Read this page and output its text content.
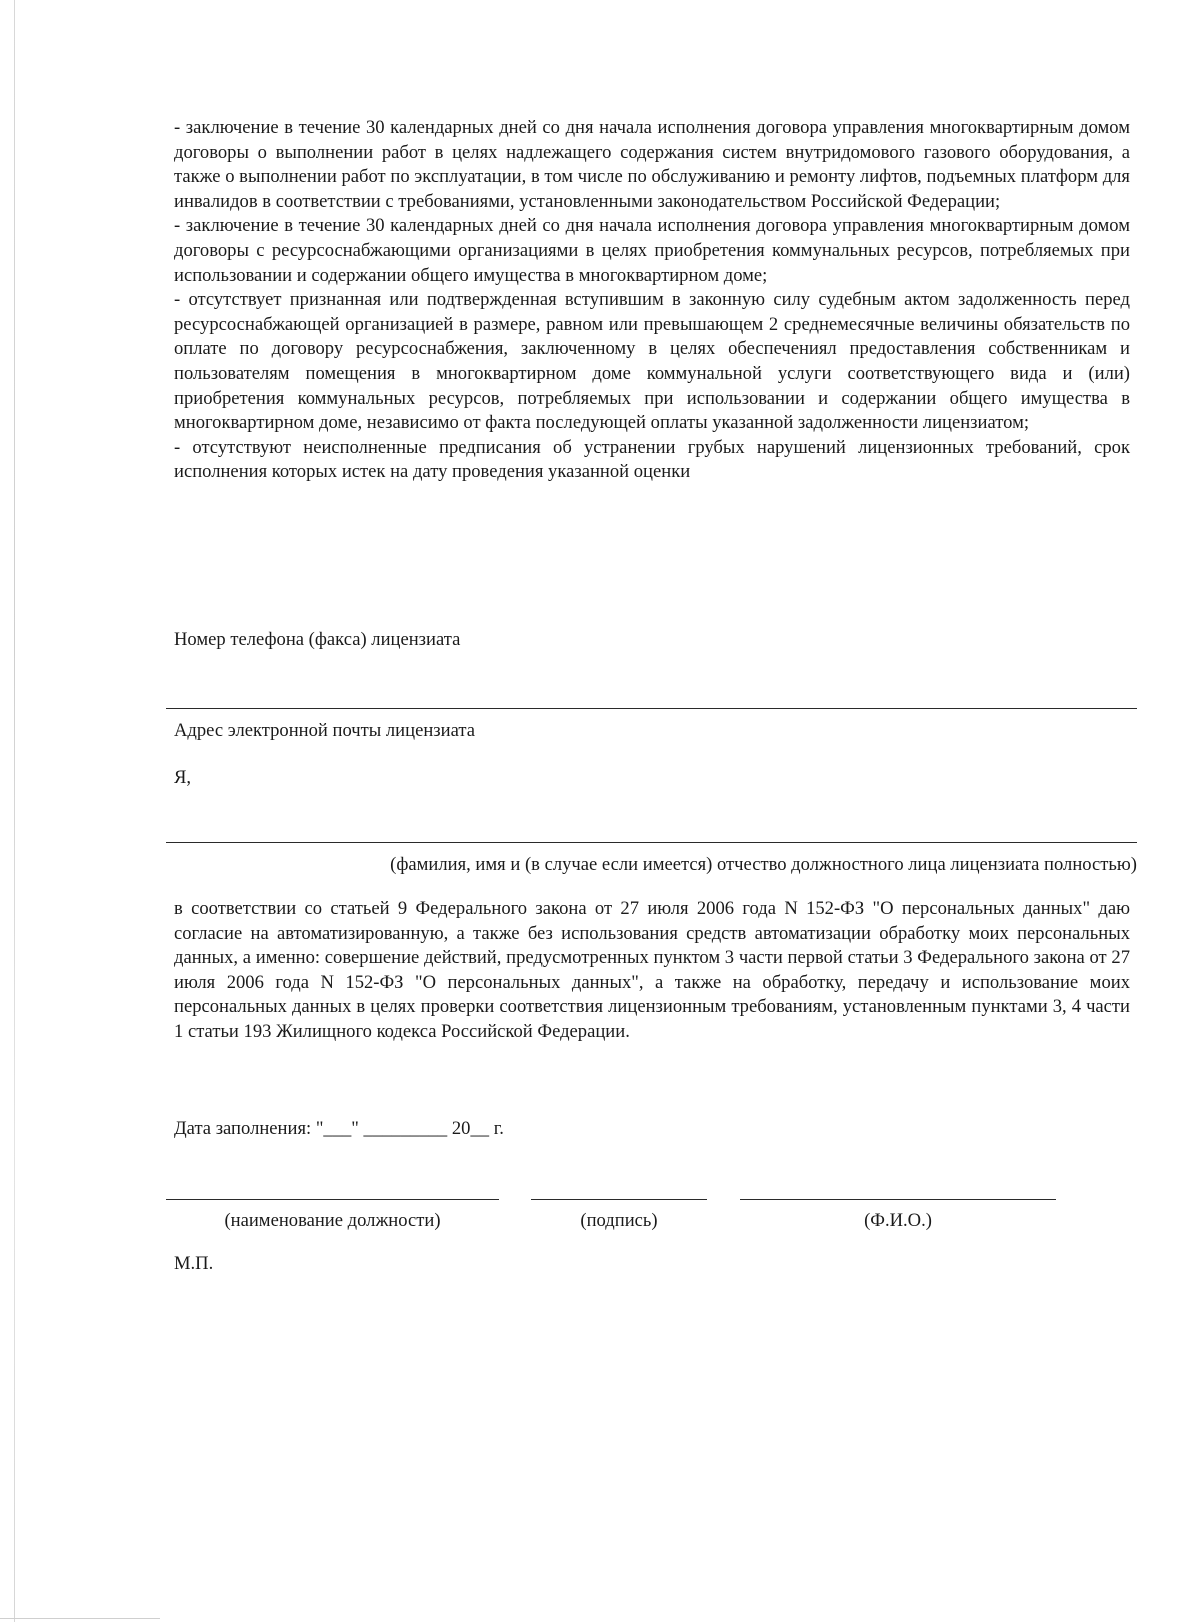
- заключение в течение 30 календарных дней со дня начала исполнения договора управления многоквартирным домом договоры о выполнении работ в целях надлежащего содержания систем внутридомового газового оборудования, а также о выполнении работ по эксплуатации, в том числе по обслуживанию и ремонту лифтов, подъемных платформ для инвалидов в соответствии с требованиями, установленными законодательством Российской Федерации;

- заключение в течение 30 календарных дней со дня начала исполнения договора управления многоквартирным домом договоры с ресурсоснабжающими организациями в целях приобретения коммунальных ресурсов, потребляемых при использовании и содержании общего имущества в многоквартирном доме;

- отсутствует признанная или подтвержденная вступившим в законную силу судебным актом задолженность перед ресурсоснабжающей организацией в размере, равном или превышающем 2 среднемесячные величины обязательств по оплате по договору ресурсоснабжения, заключенному в целях обеспечениял предоставления собственникам и пользователям помещения в многоквартирном доме коммунальной услуги соответствующего вида и (или) приобретения коммунальных ресурсов, потребляемых при использовании и содержании общего имущества в многоквартирном доме, независимо от факта последующей оплаты указанной задолженности лицензиатом;

- отсутствуют неисполненные предписания об устранении грубых нарушений лицензионных требований, срок исполнения которых истек на дату проведения указанной оценки

Номер телефона (факса) лицензиата
Адрес электронной почты лицензиата
Я,
(фамилия, имя и (в случае если имеется) отчество должностного лица лицензиата полностью)

в соответствии со статьей 9 Федерального закона от 27 июля 2006 года N 152-ФЗ "О персональных данных" даю согласие на автоматизированную, а также без использования средств автоматизации обработку моих персональных данных, а именно: совершение действий, предусмотренных пунктом 3 части первой статьи 3 Федерального закона от 27 июля 2006 года N 152-ФЗ "О персональных данных", а также на обработку, передачу и использование моих персональных данных в целях проверки соответствия лицензионным требованиям, установленным пунктами 3, 4 части 1 статьи 193 Жилищного кодекса Российской Федерации.

Дата заполнения: "___" _________ 20__ г.
(наименование должности)	(подпись)	(Ф.И.О.)
М.П.
